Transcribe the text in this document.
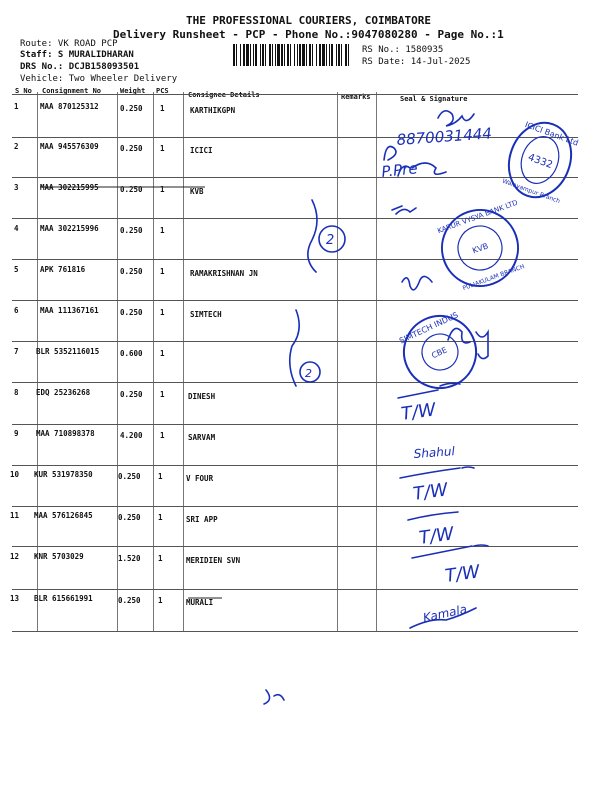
THE PROFESSIONAL COURIERS, COIMBATORE
Delivery Runsheet - PCP - Phone No.:9047080280 - Page No.:1
Route: VK ROAD PCP
Staff: S MURALIDHARAN
DRS No.: DCJB158093501
Vehicle: Two Wheeler Delivery
RS No.: 1580935
RS Date: 14-Jul-2025
S No Consignment No	Weight PCS	Consignee Details	Remarks	Seal & Signature
1	MAA 870125312	0.250 1	KARTHIKGPN
2	MAA 945576309	0.250 1	ICICI
3	MAA 302215995	0.250 1	KVB
4	MAA 302215996	0.250 1
5	APK 761816	0.250 1	RAMAKRISHNAN JN
6	MAA 111367161	0.250 1	SIMTECH
7 BLR 5352116015	0.600 1
8 EDQ 25236268	0.250 1	DINESH
9 MAA 710898378	4.200 1	SARVAM
10 KUR 531978350	0.250 1	V FOUR
11 MAA 576126845	0.250 1	SRI APP
12 KNR 5703029	1.520 1	MERIDIEN SVN
13 BLR 615661991	0.250 1	MURALI
8870031444
P.Pre
T/W
Shahul
T/W
T/W
T/W
Kamala
2
2
ICICI Bank Ltd
4332
Walayampur Branch
KARUR VYSYA BANK LTD
KVB
PULIAKULAM BRANCH
SIMTECH INDUS
CBE
